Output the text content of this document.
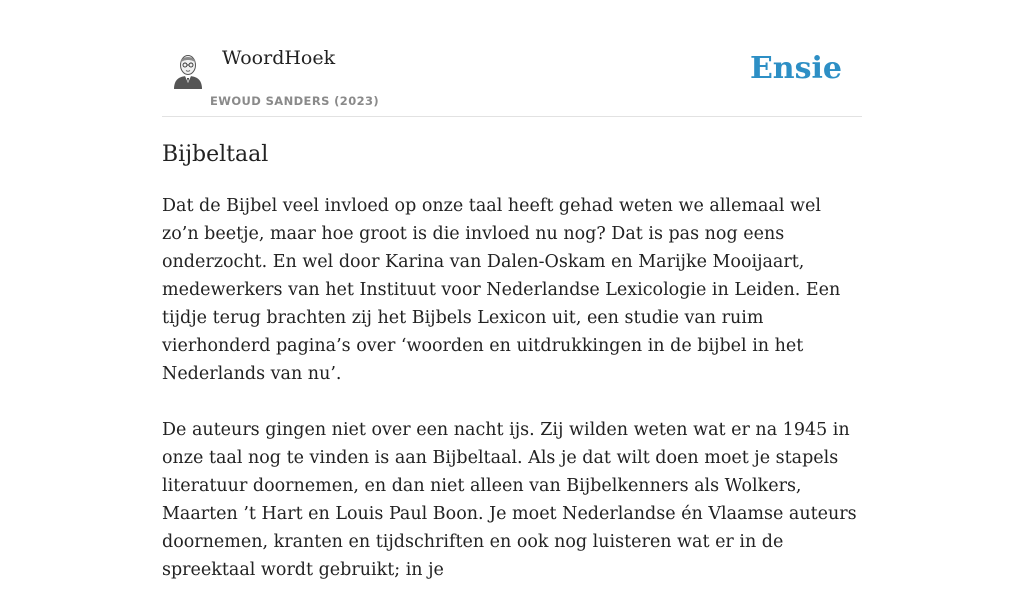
WoordHoek
EWOUD SANDERS (2023)
Ensie
Bijbeltaal

Dat de Bijbel veel invloed op onze taal heeft gehad weten we allemaal wel zo’n beetje, maar hoe groot is die invloed nu nog? Dat is pas nog eens onderzocht. En wel door Karina van Dalen-Oskam en Marijke Mooijaart, medewerkers van het Instituut voor Nederlandse Lexicologie in Leiden. Een tijdje terug brachten zij het Bijbels Lexicon uit, een studie van ruim vierhonderd pagina’s over ‘woorden en uitdrukkingen in de bijbel in het Nederlands van nu’.

De auteurs gingen niet over een nacht ijs. Zij wilden weten wat er na 1945 in onze taal nog te vinden is aan Bijbeltaal. Als je dat wilt doen moet je stapels literatuur doornemen, en dan niet alleen van Bijbelkenners als Wolkers, Maarten ’t Hart en Louis Paul Boon. Je moet Nederlandse én Vlaamse auteurs doornemen, kranten en tijdschriften en ook nog luisteren wat er in de spreektaal wordt gebruikt; in je
